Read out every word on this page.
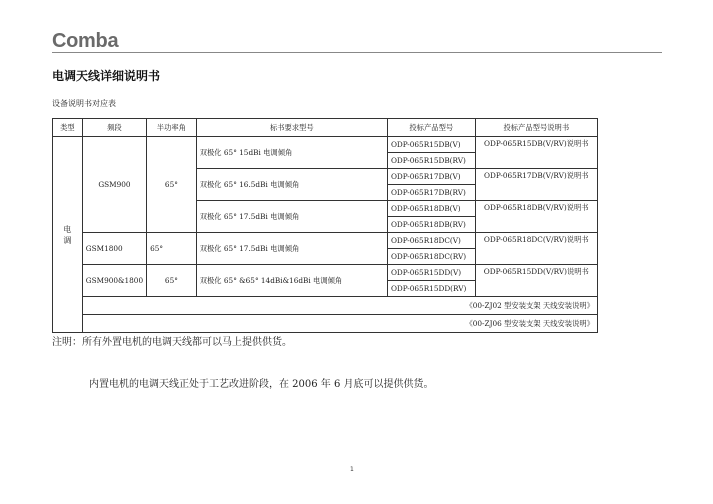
Comba
电调天线详细说明书
设备说明书对应表
类型	频段	半功率角	标书要求型号	投标产品型号	投标产品型号说明书
电
调	GSM900	65°	双极化 65° 15dBi 电调倾角	ODP-065R15DB(V)	ODP-065R15DB(V/RV)说明书
				ODP-065R15DB(RV)	
			双极化 65° 16.5dBi 电调倾角	ODP-065R17DB(V)	ODP-065R17DB(V/RV)说明书
				ODP-065R17DB(RV)	
			双极化 65° 17.5dBi 电调倾角	ODP-065R18DB(V)	ODP-065R18DB(V/RV)说明书
				ODP-065R18DB(RV)	
	GSM1800	65°	双极化 65° 17.5dBi 电调倾角	ODP-065R18DC(V)	ODP-065R18DC(V/RV)说明书
				ODP-065R18DC(RV)	
	GSM900&1800	65°	双极化 65° &65° 14dBi&16dBi 电调倾角	ODP-065R15DD(V)	ODP-065R15DD(V/RV)说明书
				ODP-065R15DD(RV)	
	《00-ZJ02 型安装支架 天线安装说明》				
	《00-ZJ06 型安装支架 天线安装说明》				
注明：所有外置电机的电调天线都可以马上提供供货。
内置电机的电调天线正处于工艺改进阶段，在 2006 年 6 月底可以提供供货。
1
